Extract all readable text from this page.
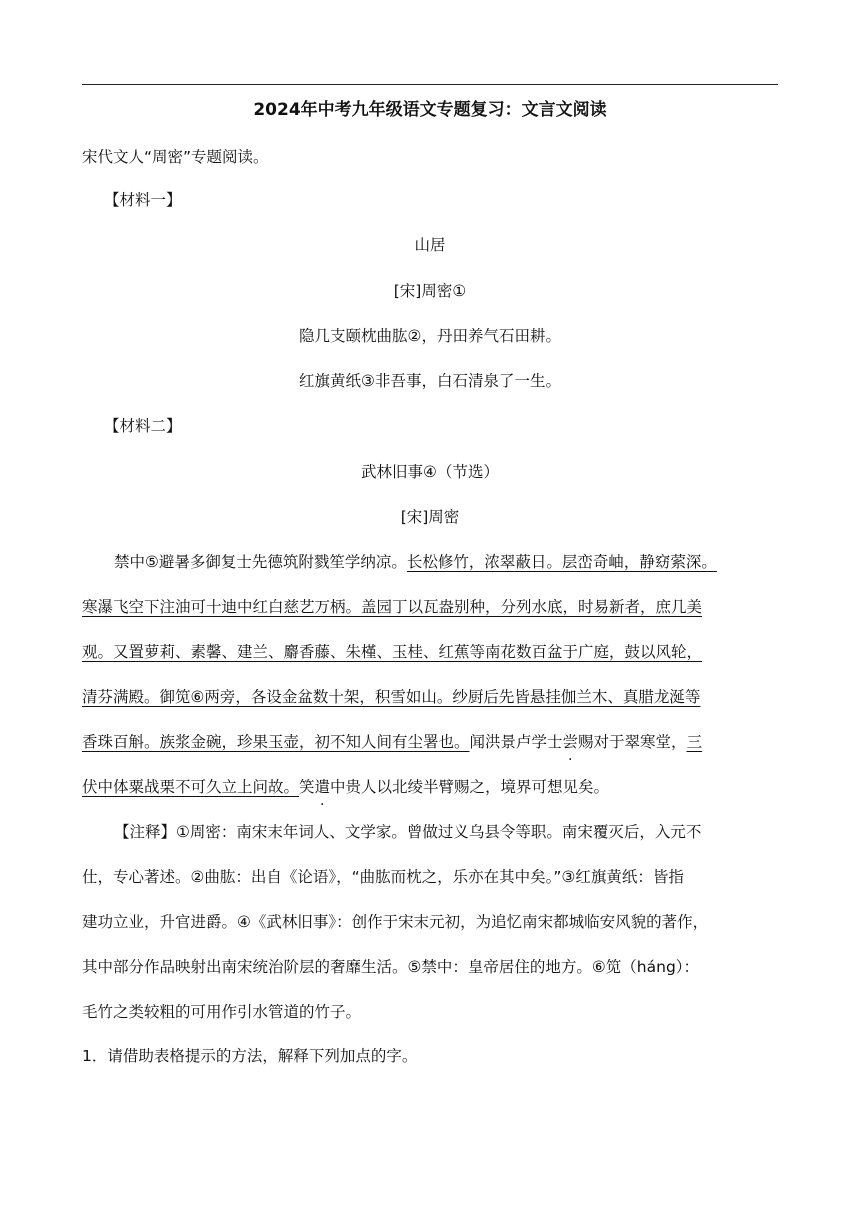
2024年中考九年级语文专题复习：文言文阅读
宋代文人“周密”专题阅读。
【材料一】
山居
[宋]周密①
隐几支颐枕曲肱②，丹田养气石田耕。
红旗黄纸③非吾事，白石清泉了一生。
【材料二】
武林旧事④（节选）
[宋]周密
禁中⑤避暑多御复士先德筑附戮笙学纳凉。长松修竹，浓翠蔽日。层峦奇岫，静窈萦深。
寒瀑飞空下注油可十迪中红白慈艺万柄。盖园丁以瓦盎别种，分列水底，时易新者，庶几美
观。又置萝莉、素馨、建兰、麝香藤、朱槿、玉桂、红蕉等南花数百盆于广庭，鼓以风轮，
清芬满殿。御笕⑥两旁，各设金盆数十架，积雪如山。纱厨后先皆悬挂伽兰木、真腊龙涎等
香珠百斛。族浆金碗，珍果玉壶，初不知人间有尘署也。闻洪景卢学士尝赐对于翠寒堂，三
伏中体粟战栗不可久立上问故。笑遣中贵人以北绫半臂赐之，境界可想见矣。
【注释】①周密：南宋末年词人、文学家。曾做过义乌县令等职。南宋覆灭后，入元不
仕，专心著述。②曲肱：出自《论语》，“曲肱而枕之，乐亦在其中矣。”③红旗黄纸：皆指
建功立业，升官进爵。④《武林旧事》：创作于宋末元初，为追忆南宋都城临安风貌的著作，
其中部分作品映射出南宋统治阶层的奢靡生活。⑤禁中：皇帝居住的地方。⑥笕（háng）：
毛竹之类较粗的可用作引水管道的竹子。
1．请借助表格提示的方法，解释下列加点的字。
